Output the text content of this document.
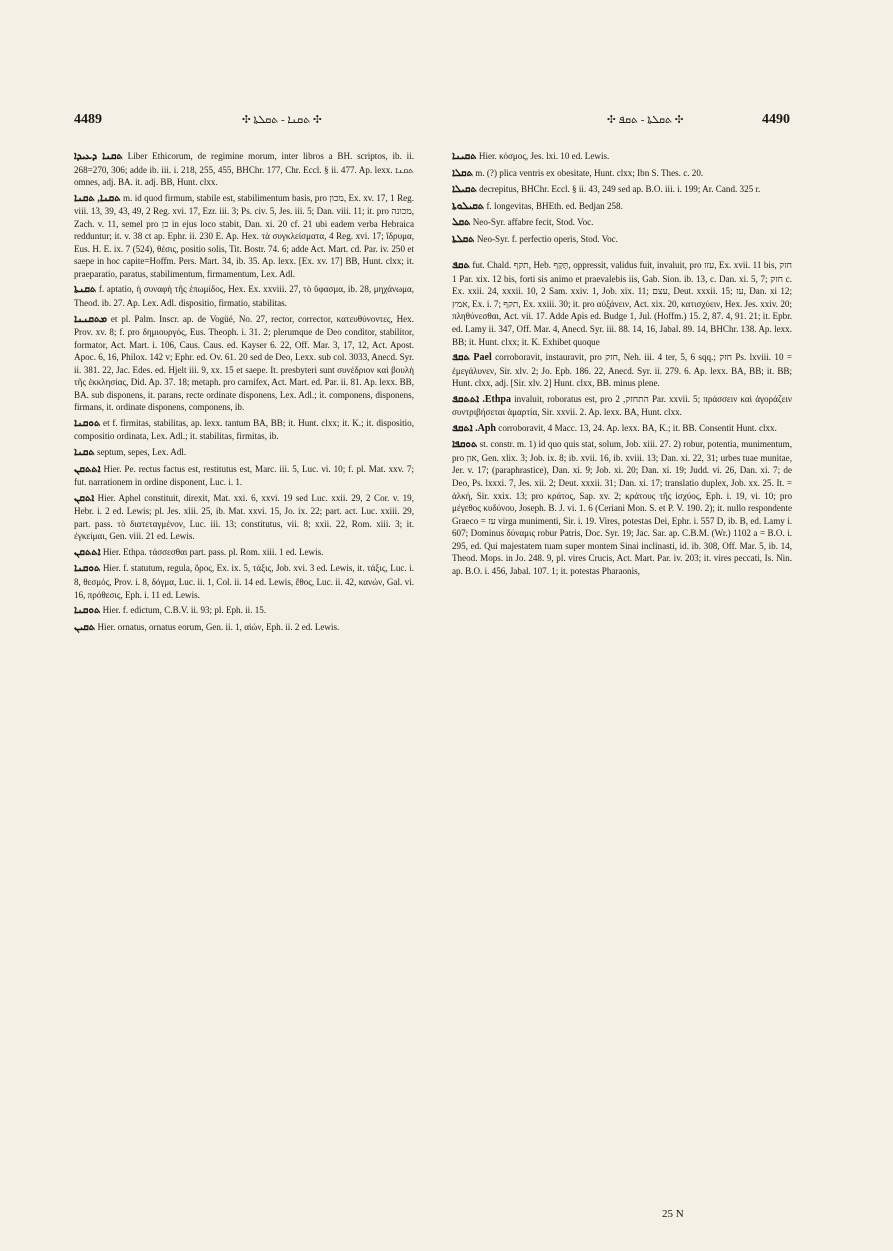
4489	✣ ܬܩܢܐ - ܬܩܠܬܐ ✣	✣ ܬܩܠܬܐ - ܬܩܦ ✣	4490

ܬܩܢܐ ܕܥܝܕܐ Liber Ethicorum, de regimine morum, inter libros a BH. scriptos, ib. ii. 268=270, 306; adde ib. iii. i. 218, 255, 455, BHChr. 177, Chr. Eccl. § ii. 477. Ap. lexx. ܬܩܢܐ omnes, adj. BA. it. adj. BB, Hunt. clxx.

ܬܩܢܐ, ܬܩܢܐ m. id quod firmum, stabile est, stabilimentum basis, pro מכון, Ex. xv. 17, 1 Reg. viii. 13, 39, 43, 49, 2 Reg. xvi. 17, Ezr. iii. 3; Ps. civ. 5, Jes. iii. 5; Dan. viii. 11; it. pro מכונה, Zach. v. 11, semel pro כן in ejus loco stabit, Dan. xi. 20 cf. 21 ubi eadem verba Hebraica redduntur; it. v. 38 ct ap. Ephr. ii. 230 E. Ap. Hex. τὰ συγκλείσματα, 4 Reg. xvi. 17; ἵδρυμα, Eus. H. E. ix. 7 (524), θέσις, positio solis, Tit. Bostr. 74. 6; adde Act. Mart. cd. Par. iv. 250 et saepe in hoc capite=Hoffm. Pers. Mart. 34, ib. 35. Ap. lexx. [Ex. xv. 17] BB, Hunt. clxx; it. praeparatio, paratus, stabilimentum, firmamentum, Lex. Adl.

ܬܩܢܬܐ f. aptatio, ἡ συναφὴ τῆς ἐπωμίδος, Hex. Ex. xxviii. 27, τὸ ὕφασμα, ib. 28, μηχάνωμα, Theod. ib. 27. Ap. Lex. Adl. dispositio, firmatio, stabilitas.

ܡܬܩܢܢܐ et pl. Palm. Inscr. ap. de Vogüé, No. 27, rector, corrector, κατευθύνοντες, Hex. Prov. xv. 8; f. pro δημιουργός, Eus. Theoph. i. 31. 2; plerumque de Deo conditor, stabilitor, formator, Act. Mart. i. 106, Caus. Caus. ed. Kayser 6. 22, Off. Mar. 3, 17, 12, Act. Apost. Apoc. 6, 16, Philox. 142 v; Ephr. ed. Ov. 61. 20 sed de Deo, Lexx. sub col. 3033, Anecd. Syr. ii. 381. 22, Jac. Edes. ed. Hjelt iii. 9, xx. 15 et saepe. It. presbyteri sunt συνέδριον καὶ βουλὴ τῆς ἐκκλησίας, Did. Ap. 37. 18; metaph. pro carnifex, Act. Mart. ed. Par. ii. 81. Ap. lexx. BB, BA. sub disponens, it. parans, recte ordinate disponens, Lex. Adl.; it. componens, disponens, firmans, it. ordinate disponens, componens, ib.

ܬܘܩܢܐ et f. firmitas, stabilitas, ap. lexx. tantum BA, BB; it. Hunt. clxx; it. K.; it. dispositio, compositio ordinata, Lex. Adl.; it. stabilitas, firmitas, ib.

ܬܩܢܐ septum, sepes, Lex. Adl.

ܐܬܬܩܢ Hier. Pe. rectus factus est, restitutus est, Marc. iii. 5, Luc. vi. 10; f. pl. Mat. xxv. 7; fut. narrationem in ordine disponent, Luc. i. 1.

ܐܬܩܢ Hier. Aphel constituit, direxit, Mat. xxi. 6, xxvi. 19 sed Luc. xxii. 29, 2 Cor. v. 19, Hebr. i. 2 ed. Lewis; pl. Jes. xlii. 25, ib. Mat. xxvi. 15, Jo. ix. 22; part. act. Luc. xxiii. 29, part. pass. τὸ διατεταγμένον, Luc. iii. 13; constitutus, vii. 8; xxii. 22, Rom. xiii. 3; it. ἐγκείμαι, Gen. viii. 21 ed. Lewis.

ܐܬܬܩܢ Hier. Ethpa. τάσσεσθαι part. pass. pl. Rom. xiii. 1 ed. Lewis.

ܬܘܩܢܐ Hier. f. statutum, regula, ὅρος, Ex. ix. 5, τάξις, Job. xvi. 3 ed. Lewis, it. τάξις, Luc. i. 8, θεσμός, Prov. i. 8, δόγμα, Luc. ii. 1, Col. ii. 14 ed. Lewis, ἔθος, Luc. ii. 42, κανών, Gal. vi. 16, πρόθεσις, Eph. i. 11 ed. Lewis.

ܬܘܩܢܐ Hier. f. edictum, C.B.V. ii. 93; pl. Eph. ii. 15.

ܬܩܝܢ Hier. ornatus, ornatus eorum, Gen. ii. 1, αἰών, Eph. ii. 2 ed. Lewis.

ܬܩܝܢܐ Hier. κόσμος, Jes. lxi. 10 ed. Lewis.

ܬܩܠܐ m. (?) plica ventris ex obesitate, Hunt. clxx; Ibn S. Thes. c. 20.

ܬܩܝܠܐ decrepitus, BHChr. Eccl. § ii. 43, 249 sed ap. B.O. iii. i. 199; Ar. Cand. 325 r.

ܬܩܝܠܘܬܐ f. longevitas, BHEth. ed. Bedjan 258.

ܬܩܠ Neo-Syr. affabre fecit, Stod. Voc.

ܬܩܠܬܐ Neo-Syr. f. perfectio operis, Stod. Voc.

ܬܩܦ fut. Chald. תקף, Heb. תָּקַף, oppressit, validus fuit, invaluit, pro עזז, Ex. xvii. 11 bis, חזק 1 Par. xix. 12 bis, forti sis animo et praevalebis iis, Gab. Sion. ib. 13, c. Dan. xi. 5, 7; חזק c. Ex. xxii. 24, xxxii. 10, 2 Sam. xxiv. 1, Job. xix. 11; עצם, Deut. xxxii. 15; עז, Dan. xi 12; אמץ, Ex. i. 7; תקף, Ex. xxiii. 30; it. pro αὐξάνειν, Act. xix. 20, κατισχύειν, Hex. Jes. xxiv. 20; πληθύνεσθαι, Act. vii. 17. Adde Apis ed. Budge 1, Jul. (Hoffm.) 15. 2, 87. 4, 91. 21; it. Epbr. ed. Lamy ii. 347, Off. Mar. 4, Anecd. Syr. iii. 88. 14, 16, Jabal. 89. 14, BHChr. 138. Ap. lexx. BB; it. Hunt. clxx; it. K. Exhibet quoque

Pael ܬܩܦ corroboravit, instauravit, pro חזק, Neh. iii. 4 ter, 5, 6 sqq.; חזק Ps. lxviii. 10 = ἐμεγάλυνεν, Sir. xlv. 2; Jo. Epb. 186. 22, Anecd. Syr. ii. 279. 6. Ap. lexx. BA, BB; it. BB; Hunt. clxx, adj. [Sir. xlv. 2] Hunt. clxx, BB. minus plene.

Ethpa. ܐܬܬܩܦ invaluit, roboratus est, pro התחזק, 2 Par. xxvii. 5; πράσσειν καὶ ἀγοράζειν συντριβήσεται ἁμαρτία, Sir. xxvii. 2. Ap. lexx. BA, Hunt. clxx.

Aph. ܐܬܩܦ corroboravit, 4 Macc. 13, 24. Ap. lexx. BA, K.; it. BB. Consentit Hunt. clxx.

ܬܘܩܦܐ st. constr. m. 1) id quo quis stat, solum, Job. xiii. 27. 2) robur, potentia, munimentum, pro און, Gen. xlix. 3; Job. ix. 8; ib. xvii. 16, ib. xviii. 13; Dan. xi. 22, 31; urbes tuae munitae, Jer. v. 17; (paraphrastice), Dan. xi. 9; Job. xi. 20; Dan. xi. 19; Judd. vi. 26, Dan. xi. 7; de Deo, Ps. lxxxi. 7, Jes. xii. 2; Deut. xxxii. 31; Dan. xi. 17; translatio duplex, Job. xx. 25. It. = ἀλκή, Sir. xxix. 13; pro κράτος, Sap. xv. 2; κράτους τῆς ἰσχύος, Eph. i. 19, vi. 10; pro μέγεθος κυδύνου, Joseph. B. J. vi. 1. 6 (Ceriani Mon. S. et P. V. 190. 2); it. nullo respondente Graeco = עז virga munimenti, Sir. i. 19. Vires, potestas Dei, Ephr. i. 557 D, ib. B, ed. Lamy i. 607; Dominus δύναμις robur Patris, Doc. Syr. 19; Jac. Sar. ap. C.B.M. (Wr.) 1102 a = B.O. i. 295, ed. Qui majestatem tuam super montem Sinai inclinasti, id. ib. 308, Off. Mar. 5, ib. 14, Theod. Mops. in Jo. 248. 9, pl. vires Crucis, Act. Mart. Par. iv. 203; it. vires peccati, Is. Nin. ap. B.O. i. 456, Jabal. 107. 1; it. potestas Pharaonis,

25 N
